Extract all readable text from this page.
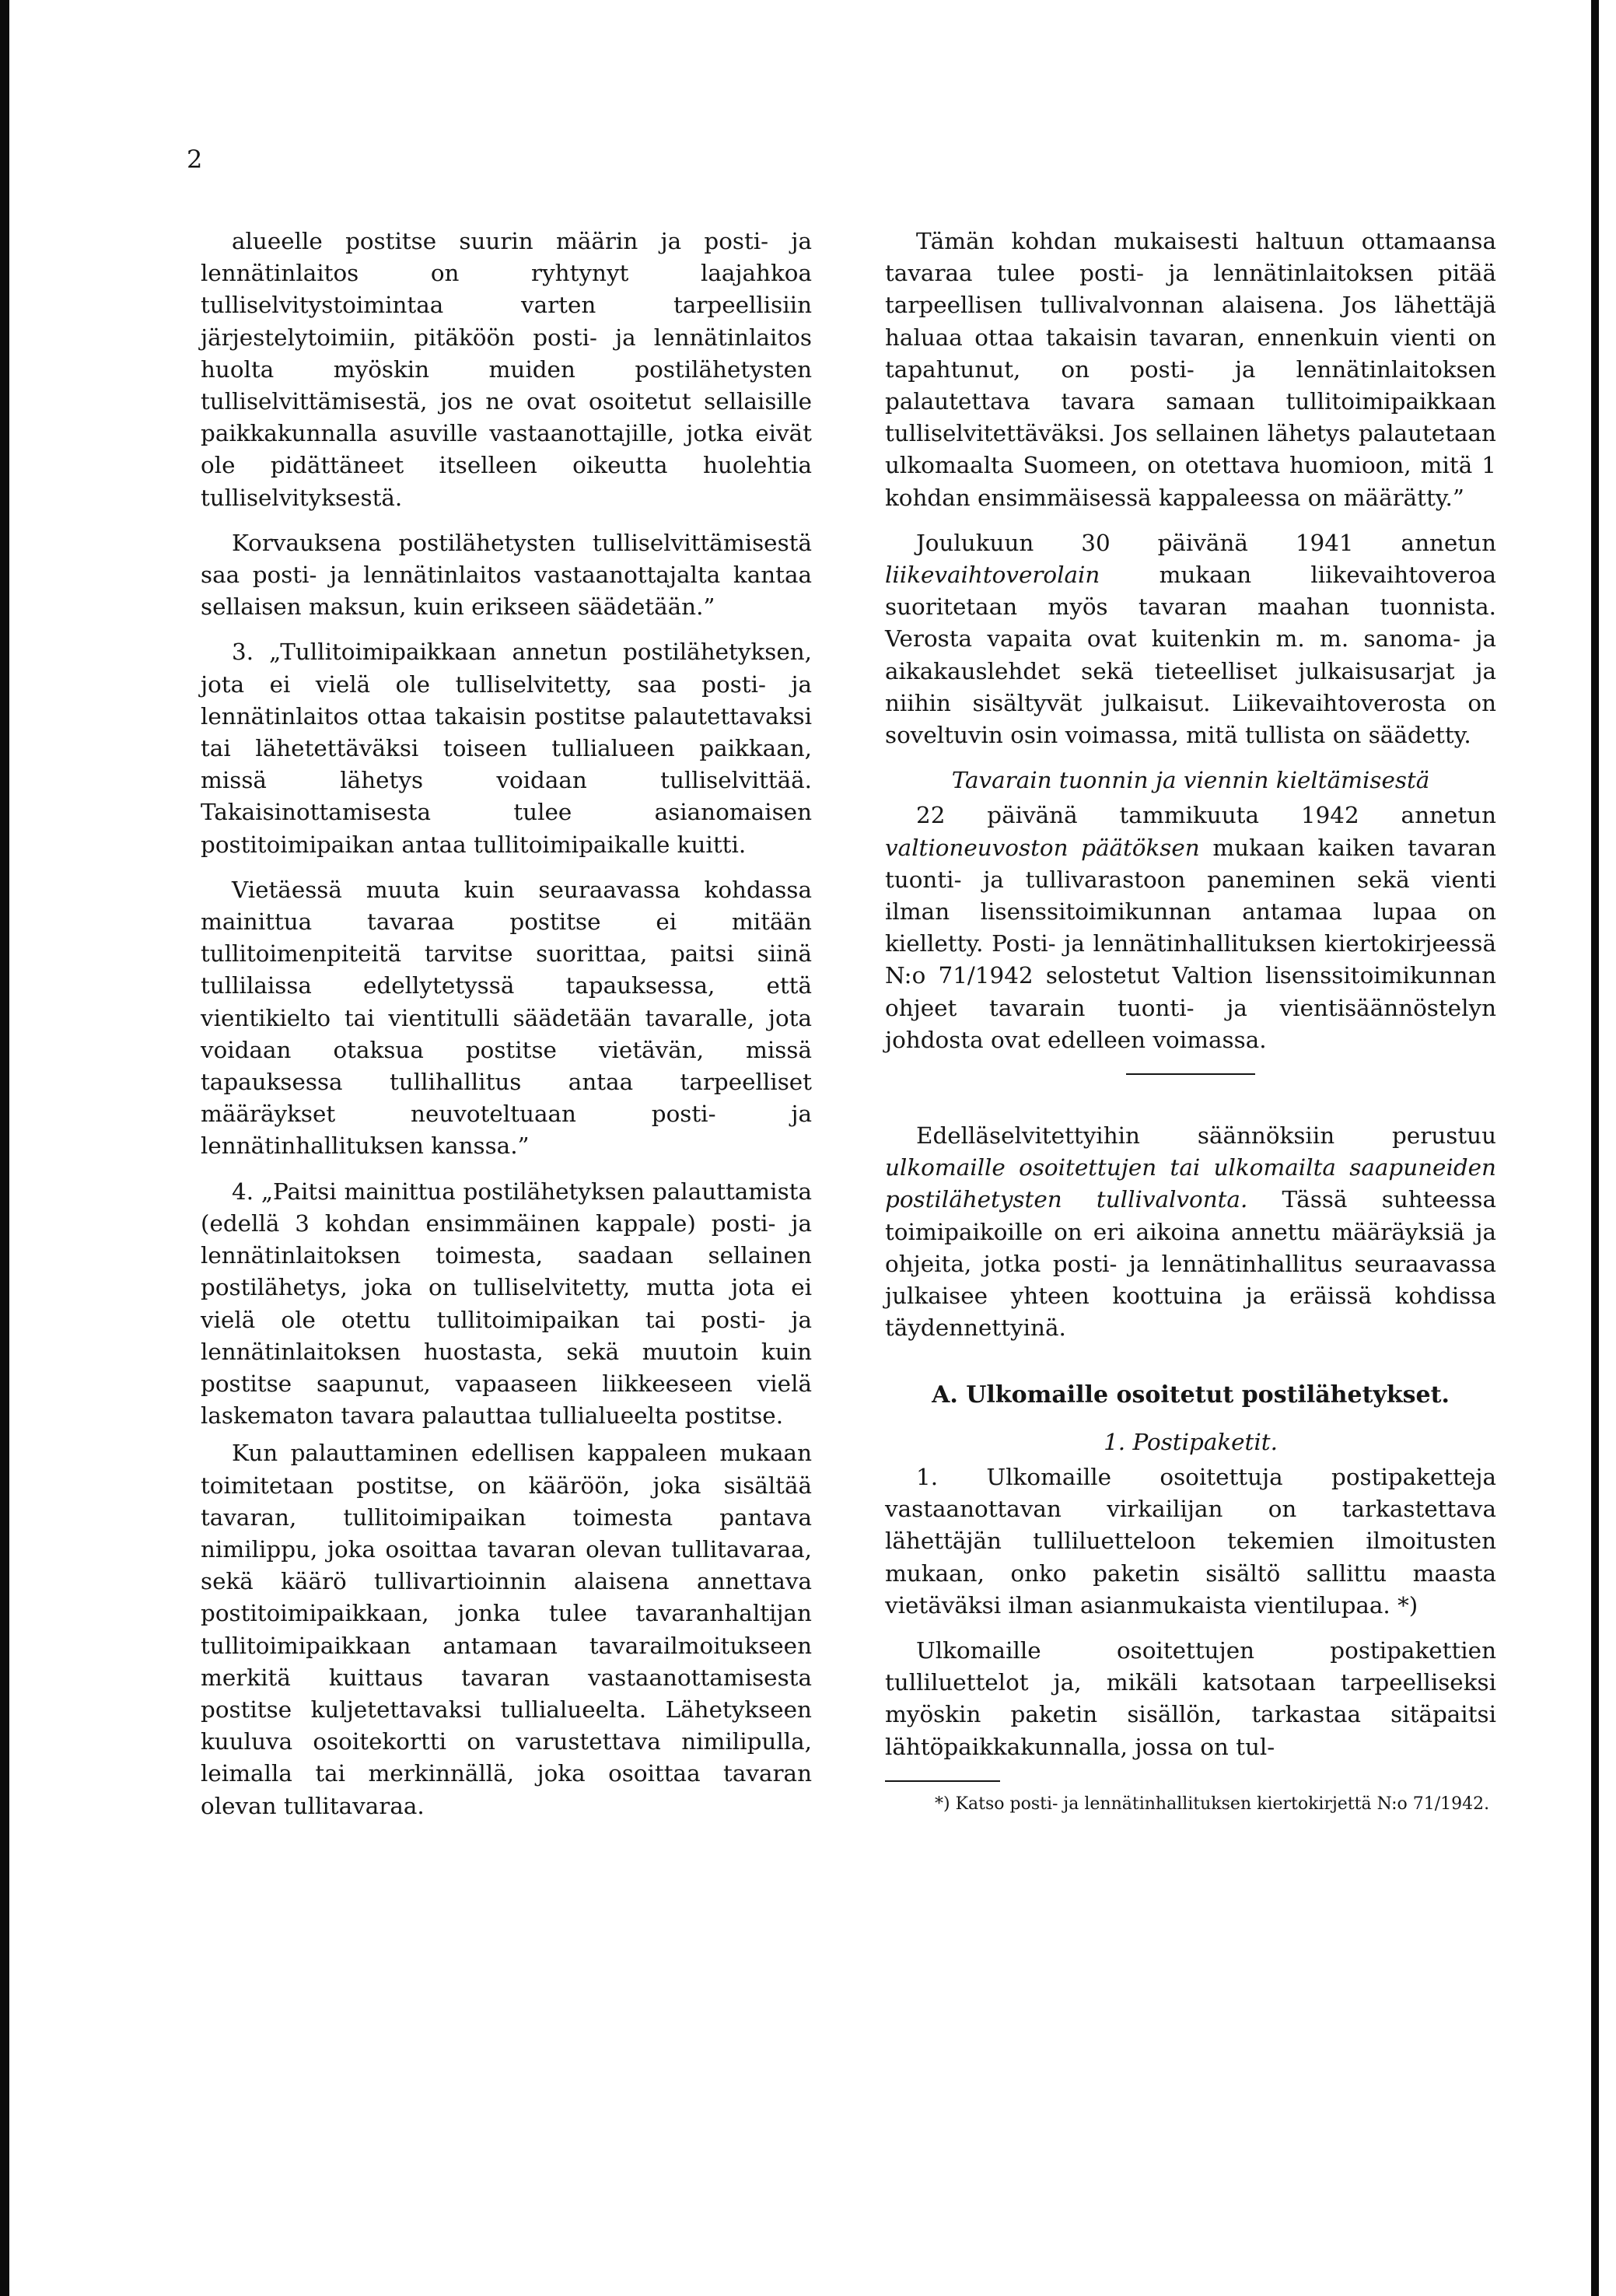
2

alueelle postitse suurin määrin ja posti- ja lennätinlaitos on ryhtynyt laajahkoa tulliselvitystoimintaa varten tarpeellisiin järjestelytoimiin, pitäköön posti- ja lennätinlaitos huolta myöskin muiden postilähetysten tulliselvittämisestä, jos ne ovat osoitetut sellaisille paikkakunnalla asuville vastaanottajille, jotka eivät ole pidättäneet itselleen oikeutta huolehtia tulliselvityksestä.

Korvauksena postilähetysten tulliselvittämisestä saa posti- ja lennätinlaitos vastaanottajalta kantaa sellaisen maksun, kuin erikseen säädetään.”

3. „Tullitoimipaikkaan annetun postilähetyksen, jota ei vielä ole tulliselvitetty, saa posti- ja lennätinlaitos ottaa takaisin postitse palautettavaksi tai lähetettäväksi toiseen tullialueen paikkaan, missä lähetys voidaan tulliselvittää. Takaisinottamisesta tulee asianomaisen postitoimipaikan antaa tullitoimipaikalle kuitti.

Vietäessä muuta kuin seuraavassa kohdassa mainittua tavaraa postitse ei mitään tullitoimenpiteitä tarvitse suorittaa, paitsi siinä tullilaissa edellytetyssä tapauksessa, että vientikielto tai vientitulli säädetään tavaralle, jota voidaan otaksua postitse vietävän, missä tapauksessa tullihallitus antaa tarpeelliset määräykset neuvoteltuaan posti- ja lennätinhallituksen kanssa.”

4. „Paitsi mainittua postilähetyksen palauttamista (edellä 3 kohdan ensimmäinen kappale) posti- ja lennätinlaitoksen toimesta, saadaan sellainen postilähetys, joka on tulliselvitetty, mutta jota ei vielä ole otettu tullitoimipaikan tai posti- ja lennätinlaitoksen huostasta, sekä muutoin kuin postitse saapunut, vapaaseen liikkeeseen vielä laskematon tavara palauttaa tullialueelta postitse.

Kun palauttaminen edellisen kappaleen mukaan toimitetaan postitse, on kääröön, joka sisältää tavaran, tullitoimipaikan toimesta pantava nimilippu, joka osoittaa tavaran olevan tullitavaraa, sekä käärö tullivartioinnin alaisena annettava postitoimipaikkaan, jonka tulee tavaranhaltijan tullitoimipaikkaan antamaan tavarailmoitukseen merkitä kuittaus tavaran vastaanottamisesta postitse kuljetettavaksi tullialueelta. Lähetykseen kuuluva osoitekortti on varustettava nimilipulla, leimalla tai merkinnällä, joka osoittaa tavaran olevan tullitavaraa.

Tämän kohdan mukaisesti haltuun ottamaansa tavaraa tulee posti- ja lennätinlaitoksen pitää tarpeellisen tullivalvonnan alaisena. Jos lähettäjä haluaa ottaa takaisin tavaran, ennenkuin vienti on tapahtunut, on posti- ja lennätinlaitoksen palautettava tavara samaan tullitoimipaikkaan tulliselvitettäväksi. Jos sellainen lähetys palautetaan ulkomaalta Suomeen, on otettava huomioon, mitä 1 kohdan ensimmäisessä kappaleessa on määrätty.”

Joulukuun 30 päivänä 1941 annetun liikevaihtoverolain mukaan liikevaihtoveroa suoritetaan myös tavaran maahan tuonnista. Verosta vapaita ovat kuitenkin m. m. sanoma- ja aikakauslehdet sekä tieteelliset julkaisusarjat ja niihin sisältyvät julkaisut. Liikevaihtoverosta on soveltuvin osin voimassa, mitä tullista on säädetty.

Tavarain tuonnin ja viennin kieltämisestä

22 päivänä tammikuuta 1942 annetun valtioneuvoston päätöksen mukaan kaiken tavaran tuonti- ja tullivarastoon paneminen sekä vienti ilman lisenssitoimikunnan antamaa lupaa on kielletty. Posti- ja lennätinhallituksen kiertokirjeessä N:o 71/1942 selostetut Valtion lisenssitoimikunnan ohjeet tavarain tuonti- ja vientisäännöstelyn johdosta ovat edelleen voimassa.

Edelläselvitettyihin säännöksiin perustuu ulkomaille osoitettujen tai ulkomailta saapuneiden postilähetysten tullivalvonta. Tässä suhteessa toimipaikoille on eri aikoina annettu määräyksiä ja ohjeita, jotka posti- ja lennätinhallitus seuraavassa julkaisee yhteen koottuina ja eräissä kohdissa täydennettyinä.

A. Ulkomaille osoitetut postilähetykset.

1. Postipaketit.

1. Ulkomaille osoitettuja postipaketteja vastaanottavan virkailijan on tarkastettava lähettäjän tulliluetteloon tekemien ilmoitusten mukaan, onko paketin sisältö sallittu maasta vietäväksi ilman asianmukaista vientilupaa. *)

Ulkomaille osoitettujen postipakettien tulliluettelot ja, mikäli katsotaan tarpeelliseksi myöskin paketin sisällön, tarkastaa sitäpaitsi lähtöpaikkakunnalla, jossa on tul-

*) Katso posti- ja lennätinhallituksen kiertokirjettä N:o 71/1942.
